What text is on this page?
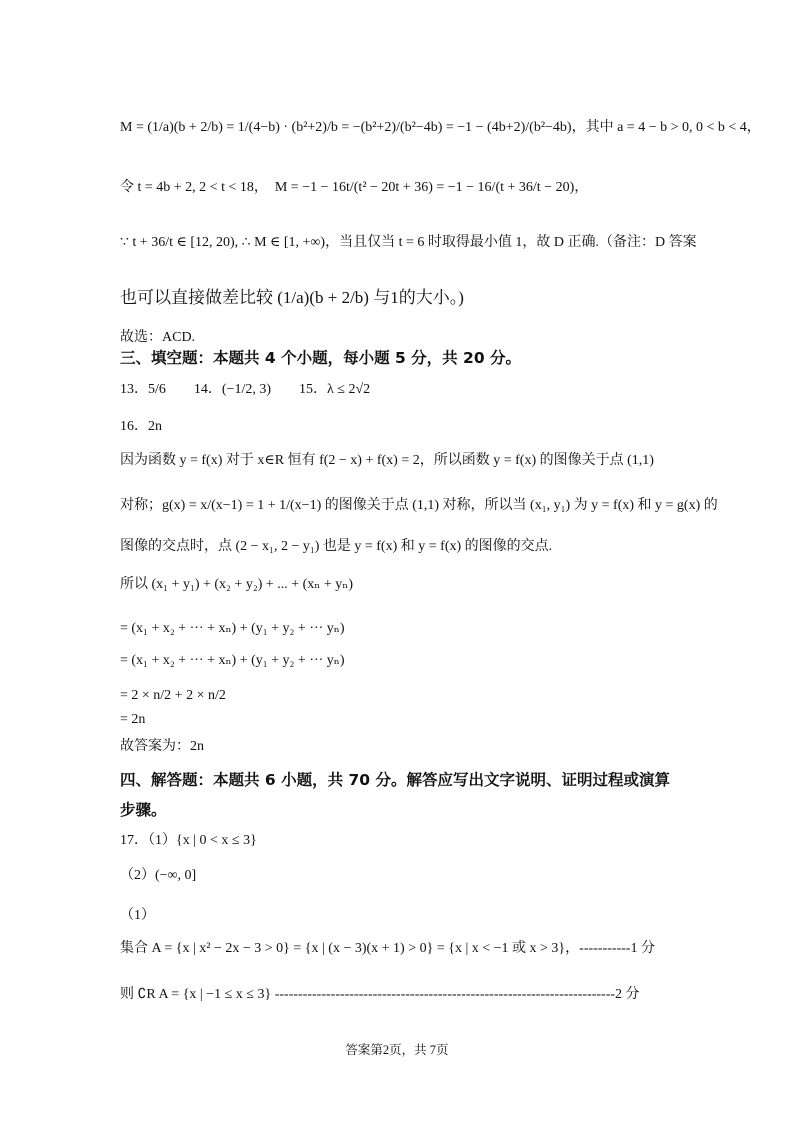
M = (1/a)(b + 2/b) = 1/(4−b) · (b²+2)/b = −(b²+2)/(b²−4b) = −1 − (4b+2)/(b²−4b)，其中 a = 4 − b > 0, 0 < b < 4，
令 t = 4b + 2, 2 < t < 18，　M = −1 − 16t/(t² − 20t + 36) = −1 − 16/(t + 36/t − 20)，
∵ t + 36/t ∈ [12, 20), ∴ M ∈ [1, +∞)，当且仅当 t = 6 时取得最小值 1，故 D 正确.（备注：D 答案
也可以直接做差比较 (1/a)(b + 2/b) 与1的大小。)
故选：ACD.
三、填空题：本题共 4 个小题，每小题 5 分，共 20 分。
13．5/6　　14．(−1/2, 3)　　15．λ ≤ 2√2
16．2n
因为函数 y = f(x) 对于 x∈R 恒有 f(2 − x) + f(x) = 2，所以函数 y = f(x) 的图像关于点 (1,1)
对称；g(x) = x/(x−1) = 1 + 1/(x−1) 的图像关于点 (1,1) 对称，所以当 (x₁, y₁) 为 y = f(x) 和 y = g(x) 的
图像的交点时，点 (2 − x₁, 2 − y₁) 也是 y = f(x) 和 y = f(x) 的图像的交点.
所以 (x₁ + y₁) + (x₂ + y₂) + ... + (xₙ + yₙ)
= (x₁ + x₂ + ··· + xₙ) + (y₁ + y₂ + ··· yₙ)
= (x₁ + x₂ + ··· + xₙ) + (y₁ + y₂ + ··· yₙ)
= 2 × n/2 + 2 × n/2
= 2n
故答案为：2n
四、解答题：本题共 6 小题，共 70 分。解答应写出文字说明、证明过程或演算
步骤。
17．（1）{x | 0 < x ≤ 3}
（2）(−∞, 0]
（1）
集合 A = {x | x² − 2x − 3 > 0} = {x | (x − 3)(x + 1) > 0} = {x | x < −1 或 x > 3}，-----------1 分
则 ∁R A = {x | −1 ≤ x ≤ 3} -------------------------------------------------------------------------2 分
答案第2页，共 7页
